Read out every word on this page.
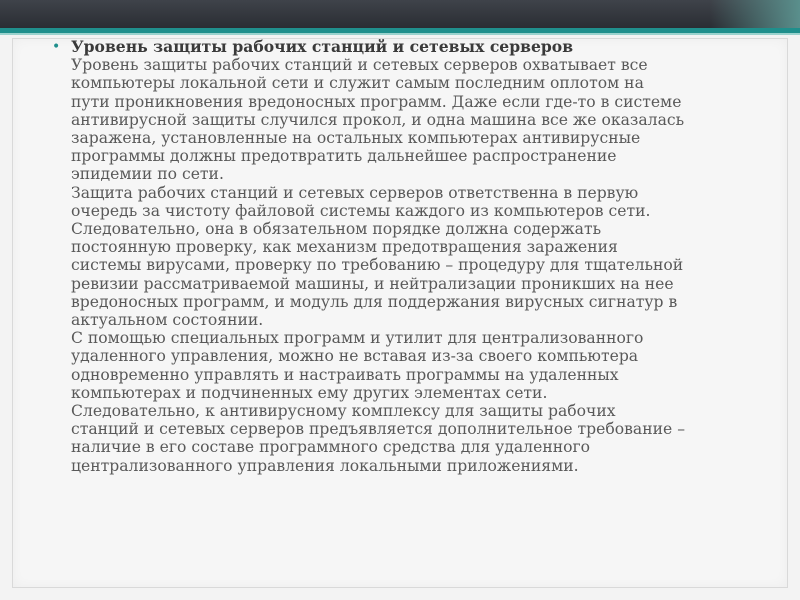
• Уровень защиты рабочих станций и сетевых серверов

Уровень защиты рабочих станций и сетевых серверов охватывает все
компьютеры локальной сети и служит самым последним оплотом на
пути проникновения вредоносных программ. Даже если где-то в системе
антивирусной защиты случился прокол, и одна машина все же оказалась
заражена, установленные на остальных компьютерах антивирусные
программы должны предотвратить дальнейшее распространение
эпидемии по сети.

Защита рабочих станций и сетевых серверов ответственна в первую
очередь за чистоту файловой системы каждого из компьютеров сети.
Следовательно, она в обязательном порядке должна содержать
постоянную проверку, как механизм предотвращения заражения
системы вирусами, проверку по требованию – процедуру для тщательной
ревизии рассматриваемой машины, и нейтрализации проникших на нее
вредоносных программ, и модуль для поддержания вирусных сигнатур в
актуальном состоянии.

С помощью специальных программ и утилит для централизованного
удаленного управления, можно не вставая из-за своего компьютера
одновременно управлять и настраивать программы на удаленных
компьютерах и подчиненных ему других элементах сети.

Следовательно, к антивирусному комплексу для защиты рабочих
станций и сетевых серверов предъявляется дополнительное требование –
наличие в его составе программного средства для удаленного
централизованного управления локальными приложениями.
